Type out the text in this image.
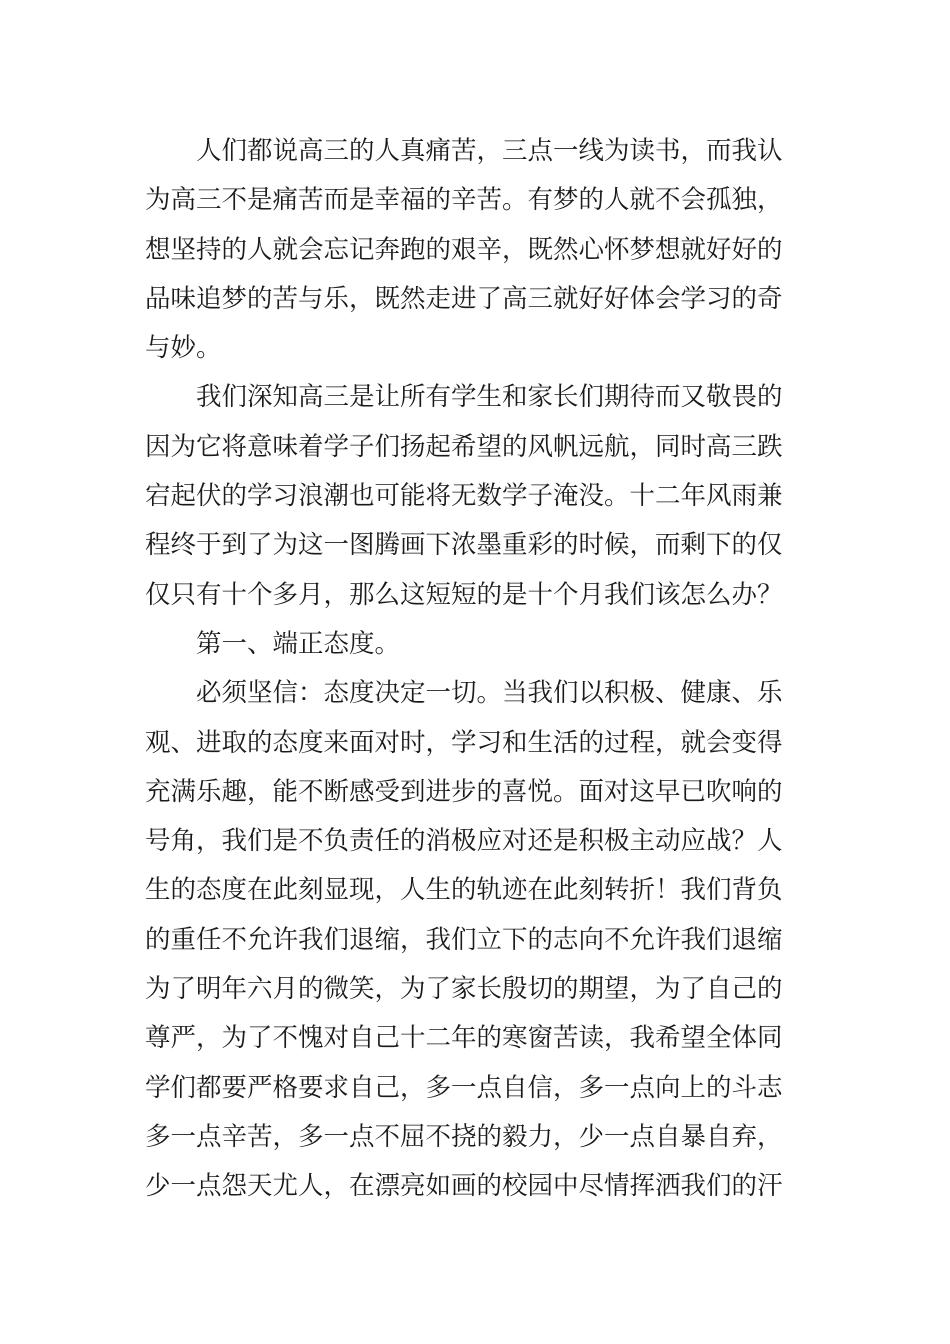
人们都说高三的人真痛苦，三点一线为读书，而我认
为高三不是痛苦而是幸福的辛苦。有梦的人就不会孤独，
想坚持的人就会忘记奔跑的艰辛，既然心怀梦想就好好的
品味追梦的苦与乐，既然走进了高三就好好体会学习的奇
与妙。
我们深知高三是让所有学生和家长们期待而又敬畏的
因为它将意味着学子们扬起希望的风帆远航，同时高三跌
宕起伏的学习浪潮也可能将无数学子淹没。十二年风雨兼
程终于到了为这一图腾画下浓墨重彩的时候，而剩下的仅
仅只有十个多月，那么这短短的是十个月我们该怎么办？
第一、端正态度。
必须坚信：态度决定一切。当我们以积极、健康、乐
观、进取的态度来面对时，学习和生活的过程，就会变得
充满乐趣，能不断感受到进步的喜悦。面对这早已吹响的
号角，我们是不负责任的消极应对还是积极主动应战？人
生的态度在此刻显现，人生的轨迹在此刻转折！我们背负
的重任不允许我们退缩，我们立下的志向不允许我们退缩
为了明年六月的微笑，为了家长殷切的期望，为了自己的
尊严，为了不愧对自己十二年的寒窗苦读，我希望全体同
学们都要严格要求自己，多一点自信，多一点向上的斗志
多一点辛苦，多一点不屈不挠的毅力，少一点自暴自弃，
少一点怨天尤人，在漂亮如画的校园中尽情挥洒我们的汗
